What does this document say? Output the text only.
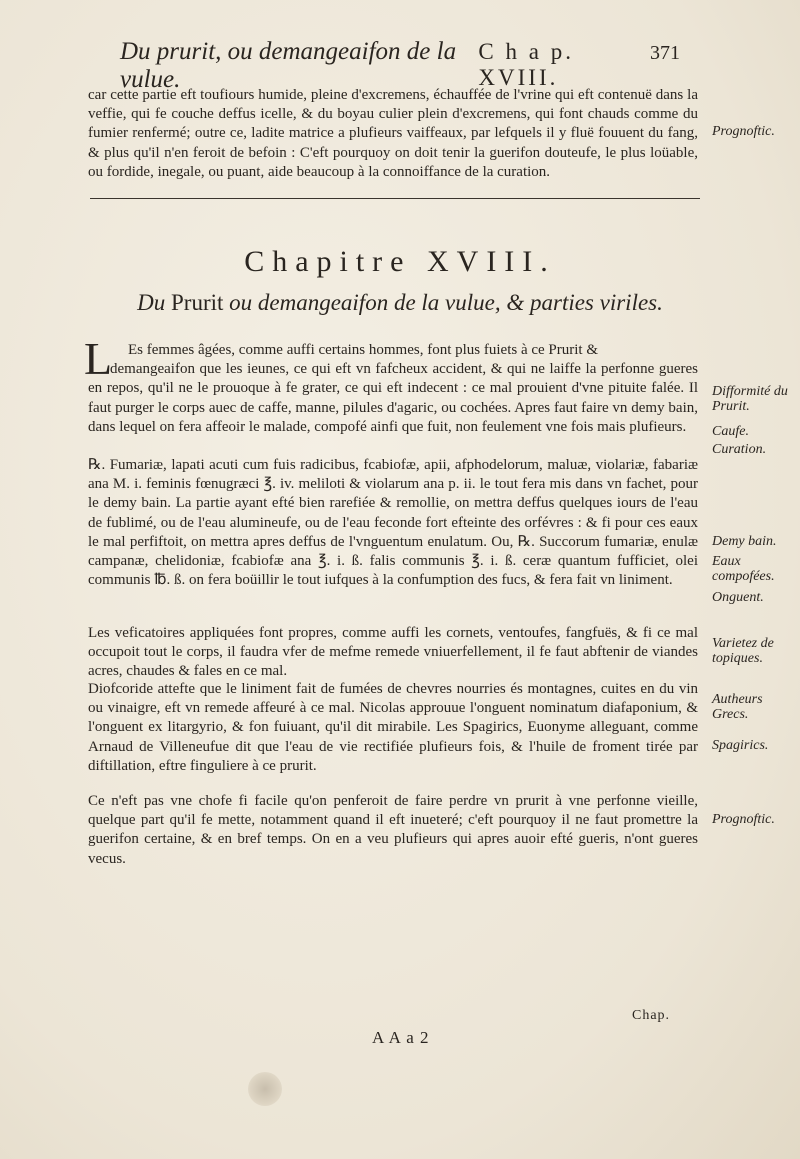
Du prurit, ou demangeaifon de la vulue.
C h a p. XVIII.
371

car cette partie eft toufiours humide, pleine d'excremens, échauffée de l'vrine qui eft contenuë dans la veffie, qui fe couche deffus icelle, & du boyau culier plein d'excremens, qui font chauds comme du fumier renfermé; outre ce, ladite matrice a plufieurs vaiffeaux, par lefquels il y fluë fouuent du fang, & plus qu'il n'en feroit de befoin : C'eft pourquoy on doit tenir la guerifon douteufe, le plus loüable, ou fordide, inegale, ou puant, aide beaucoup à la connoiffance de la curation.

Chapitre XVIII.
Du Prurit ou demangeaifon de la vulue, & parties viriles.
L	Es femmes âgées, comme auffi certains hommes, font plus fuiets à ce Prurit &
demangeaifon que les ieunes, ce qui eft vn fafcheux accident, & qui ne laiffe la perfonne gueres en repos, qu'il ne le prouoque à fe grater, ce qui eft indecent : ce mal prouient d'vne pituite falée. Il faut purger le corps auec de caffe, manne, pilules d'agaric, ou cochées. Apres faut faire vn demy bain, dans lequel on fera affeoir le malade, compofé ainfi que fuit, non feulement vne fois mais plufieurs.

℞. Fumariæ, lapati acuti cum fuis radicibus, fcabiofæ, apii, afphodelorum, maluæ, violariæ, fabariæ ana M. i. feminis fœnugræci ℥. iv. meliloti & violarum ana p. ii. le tout fera mis dans vn fachet, pour le demy bain. La partie ayant efté bien rarefiée & remollie, on mettra deffus quelques iours de l'eau de fublimé, ou de l'eau alumineufe, ou de l'eau feconde fort efteinte des orfévres : & fi pour ces eaux le mal perfiftoit, on mettra apres deffus de l'vnguentum enulatum. Ou, ℞. Succorum fumariæ, enulæ campanæ, chelidoniæ, fcabiofæ ana ℥. i. ß. falis communis ℥. i. ß. ceræ quantum fufficiet, olei communis ℔. ß. on fera boüillir le tout iufques à la confumption des fucs, & fera fait vn liniment.

Les veficatoires appliquées font propres, comme auffi les cornets, ventoufes, fangfuës, & fi ce mal occupoit tout le corps, il faudra vfer de mefme remede vniuerfellement, il fe faut abftenir de viandes acres, chaudes & fales en ce mal.

Diofcoride attefte que le liniment fait de fumées de chevres nourries és montagnes, cuites en du vin ou vinaigre, eft vn remede affeuré à ce mal. Nicolas approuue l'onguent nominatum diafaponium, & l'onguent ex litargyrio, & fon fuiuant, qu'il dit mirabile. Les Spagirics, Euonyme alleguant, comme Arnaud de Villeneufue dit que l'eau de vie rectifiée plufieurs fois, & l'huile de froment tirée par diftillation, eftre finguliere à ce prurit.

Ce n'eft pas vne chofe fi facile qu'on penferoit de faire perdre vn prurit à vne perfonne vieille, quelque part qu'il fe mette, notamment quand il eft inueteré; c'eft pourquoy il ne faut promettre la guerifon certaine, & en bref temps. On en a veu plufieurs qui apres auoir efté gueris, n'ont gueres vecus.

Prognoftic.
Difformité du Prurit.
Caufe.
Curation.
Demy bain.
Eaux compofées.
Onguent.
Varietez de topiques.
Autheurs Grecs.
Spagirics.
Prognoftic.
Chap.
A A a 2
